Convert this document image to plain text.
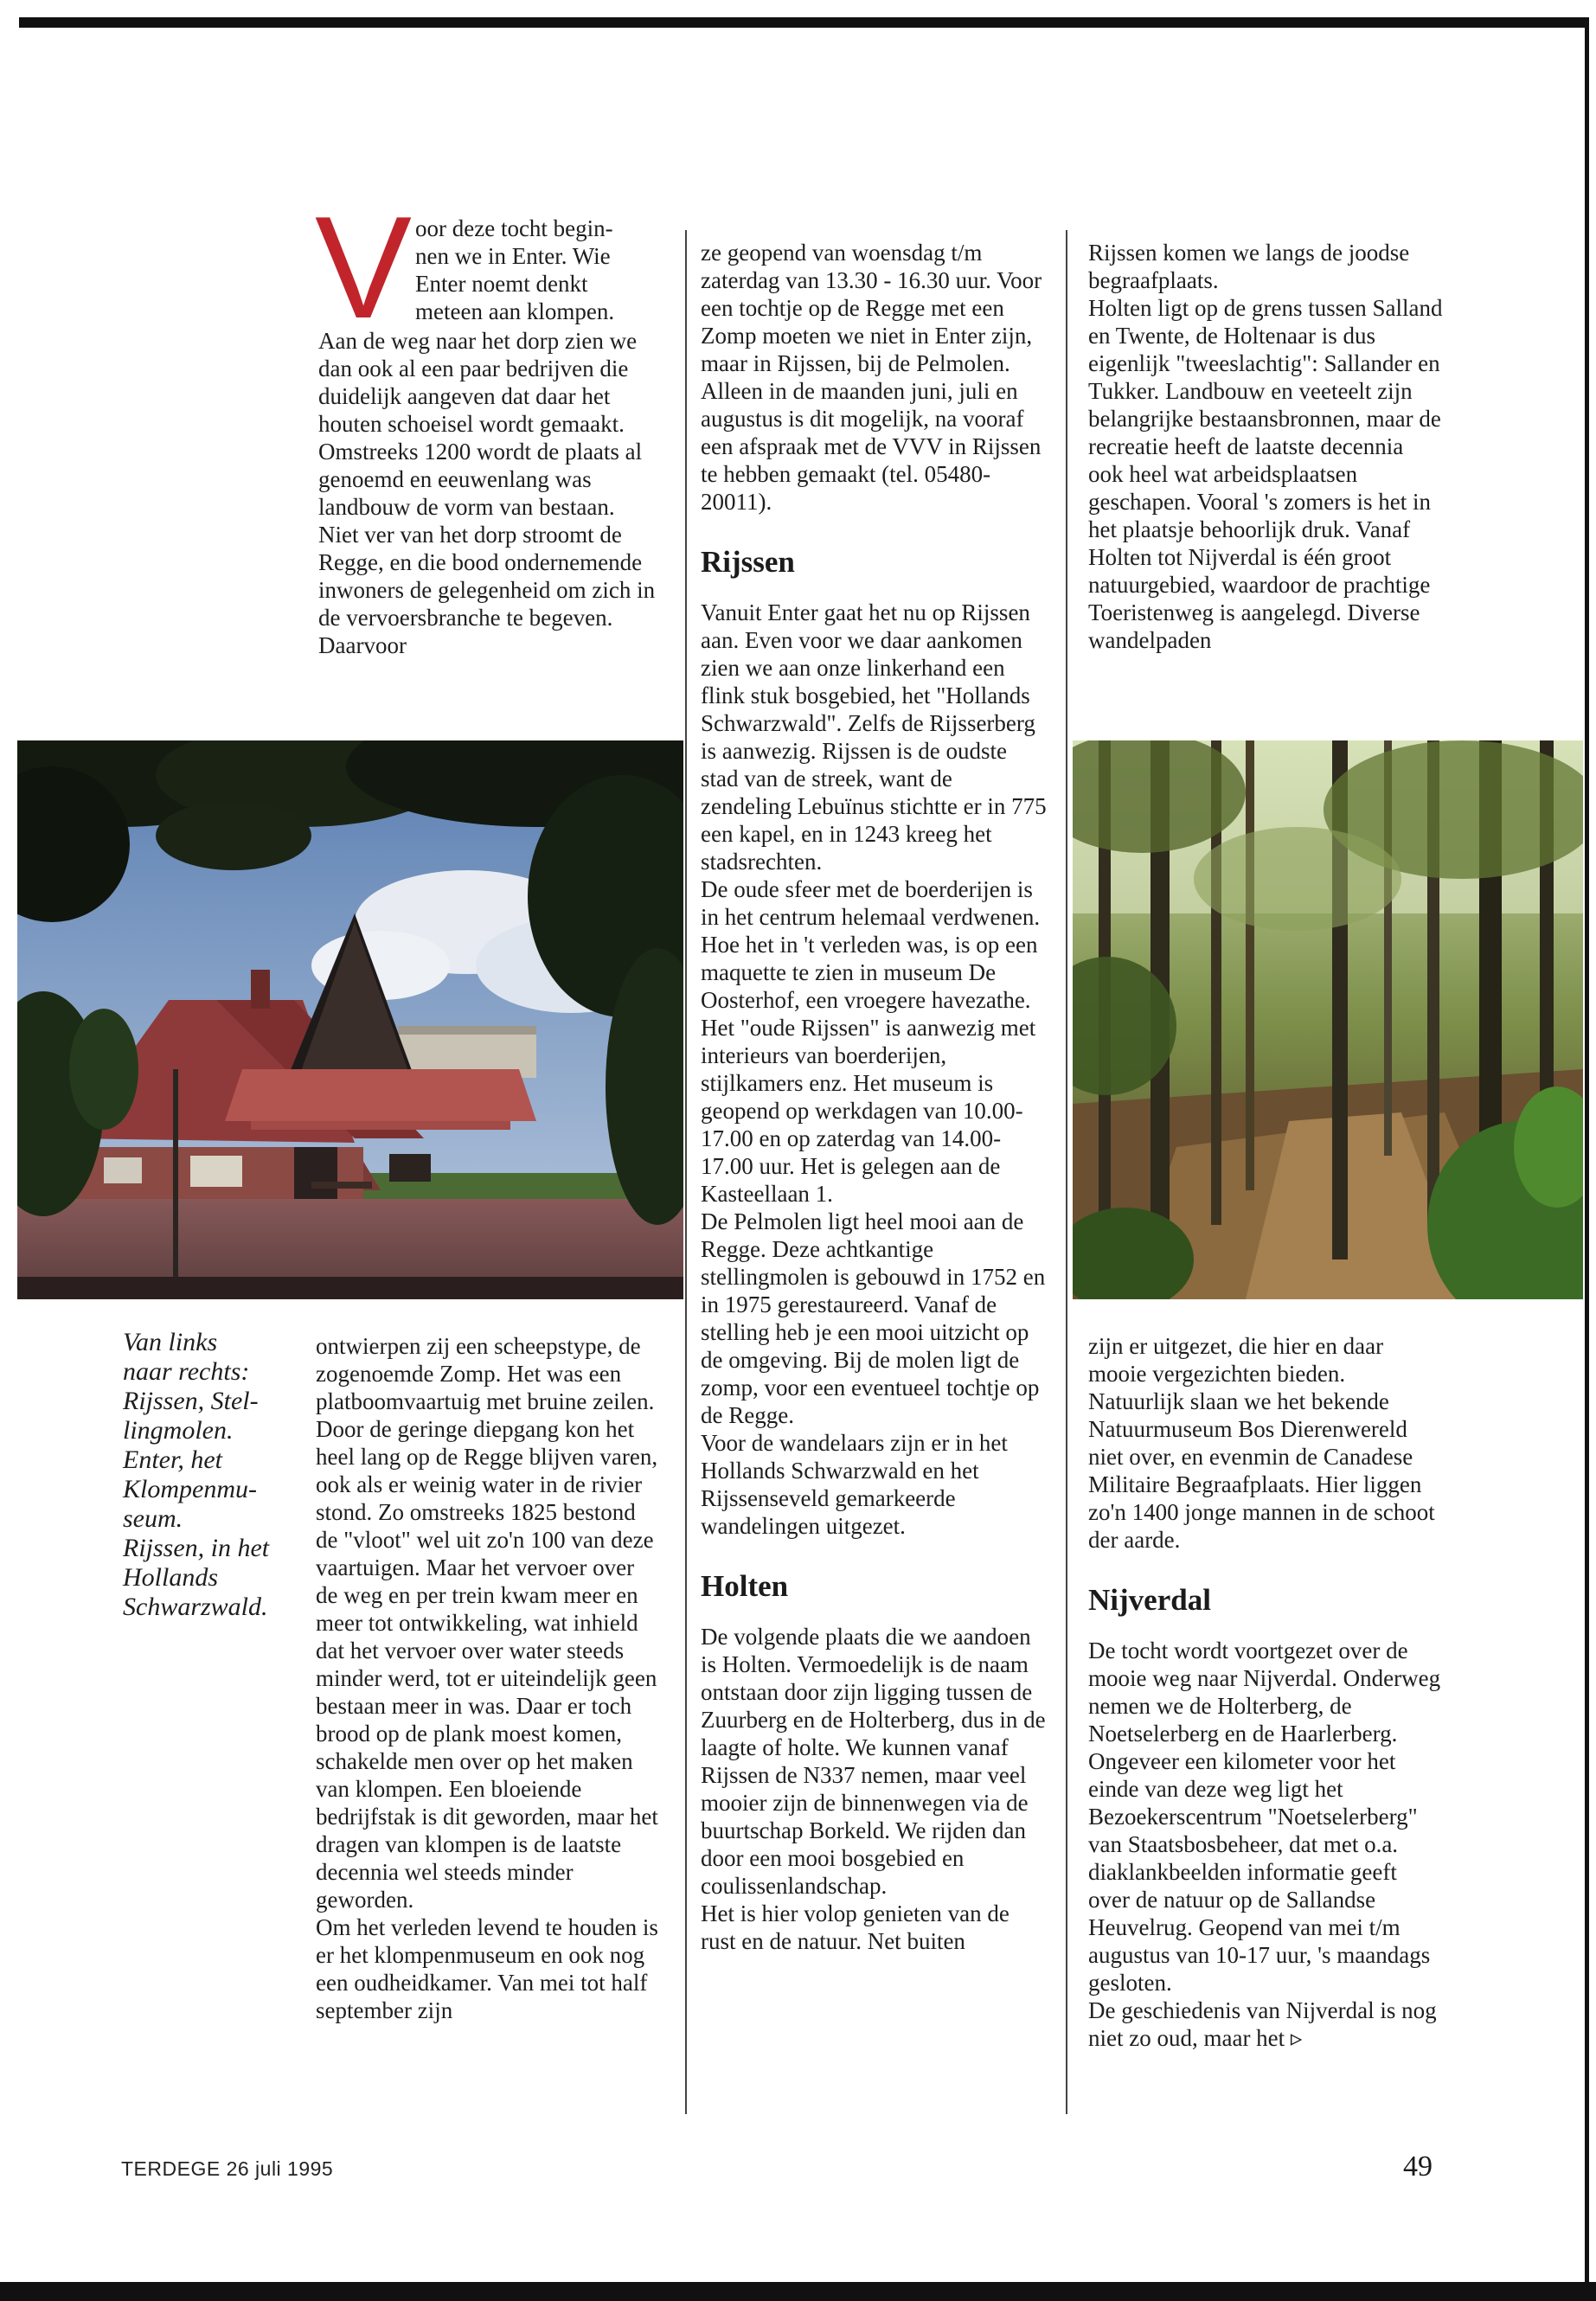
V oor deze tocht begin-
nen we in Enter. Wie
Enter noemt denkt
meteen aan klompen.

Aan de weg naar het dorp zien we dan ook al een paar bedrijven die duidelijk aangeven dat daar het houten schoeisel wordt gemaakt. Omstreeks 1200 wordt de plaats al genoemd en eeuwenlang was landbouw de vorm van bestaan.

Niet ver van het dorp stroomt de Regge, en die bood ondernemende inwoners de gelegenheid om zich in de vervoersbranche te begeven. Daarvoor

Van links
naar rechts:
Rijssen, Stel-
lingmolen.
Enter, het
Klompenmu-
seum.
Rijssen, in het
Hollands
Schwarzwald.

ontwierpen zij een scheepstype, de zogenoemde Zomp. Het was een platboomvaartuig met bruine zeilen. Door de geringe diepgang kon het heel lang op de Regge blijven varen, ook als er weinig water in de rivier stond. Zo omstreeks 1825 bestond de "vloot" wel uit zo'n 100 van deze vaartuigen. Maar het vervoer over de weg en per trein kwam meer en meer tot ontwikkeling, wat inhield dat het vervoer over water steeds minder werd, tot er uiteindelijk geen bestaan meer in was. Daar er toch brood op de plank moest komen, schakelde men over op het maken van klompen. Een bloeiende bedrijfstak is dit geworden, maar het dragen van klompen is de laatste decennia wel steeds minder geworden.

Om het verleden levend te houden is er het klompenmuseum en ook nog een oudheidkamer. Van mei tot half september zijn

ze geopend van woensdag t/m zaterdag van 13.30 - 16.30 uur. Voor een tochtje op de Regge met een Zomp moeten we niet in Enter zijn, maar in Rijssen, bij de Pelmolen. Alleen in de maanden juni, juli en augustus is dit mogelijk, na vooraf een afspraak met de VVV in Rijssen te hebben gemaakt (tel. 05480-20011).

Rijssen

Vanuit Enter gaat het nu op Rijssen aan. Even voor we daar aankomen zien we aan onze linkerhand een flink stuk bosgebied, het "Hollands Schwarzwald". Zelfs de Rijsserberg is aanwezig. Rijssen is de oudste stad van de streek, want de zendeling Lebuïnus stichtte er in 775 een kapel, en in 1243 kreeg het stadsrechten.

De oude sfeer met de boerderijen is in het centrum helemaal verdwenen. Hoe het in 't verleden was, is op een maquette te zien in museum De Oosterhof, een vroegere havezathe.

Het "oude Rijssen" is aanwezig met interieurs van boerderijen, stijlkamers enz. Het museum is geopend op werkdagen van 10.00-17.00 en op zaterdag van 14.00-17.00 uur. Het is gelegen aan de Kasteellaan 1.

De Pelmolen ligt heel mooi aan de Regge. Deze achtkantige stellingmolen is gebouwd in 1752 en in 1975 gerestaureerd. Vanaf de stelling heb je een mooi uitzicht op de omgeving. Bij de molen ligt de zomp, voor een eventueel tochtje op de Regge.

Voor de wandelaars zijn er in het Hollands Schwarzwald en het Rijssenseveld gemarkeerde wandelingen uitgezet.

Holten

De volgende plaats die we aandoen is Holten. Vermoedelijk is de naam ontstaan door zijn ligging tussen de Zuurberg en de Holterberg, dus in de laagte of holte. We kunnen vanaf Rijssen de N337 nemen, maar veel mooier zijn de binnenwegen via de buurtschap Borkeld. We rijden dan door een mooi bosgebied en coulissenlandschap.

Het is hier volop genieten van de rust en de natuur. Net buiten

Rijssen komen we langs de joodse begraafplaats.

Holten ligt op de grens tussen Salland en Twente, de Holtenaar is dus eigenlijk "tweeslachtig": Sallander en Tukker. Landbouw en veeteelt zijn belangrijke bestaansbronnen, maar de recreatie heeft de laatste decennia ook heel wat arbeidsplaatsen geschapen. Vooral 's zomers is het in het plaatsje behoorlijk druk. Vanaf Holten tot Nijverdal is één groot natuurgebied, waardoor de prachtige Toeristenweg is aangelegd. Diverse wandelpaden

zijn er uitgezet, die hier en daar mooie vergezichten bieden. Natuurlijk slaan we het bekende Natuurmuseum Bos Dierenwereld niet over, en evenmin de Canadese Militaire Begraafplaats. Hier liggen zo'n 1400 jonge mannen in de schoot der aarde.

Nijverdal

De tocht wordt voortgezet over de mooie weg naar Nijverdal. Onderweg nemen we de Holterberg, de Noetselerberg en de Haarlerberg. Ongeveer een kilometer voor het einde van deze weg ligt het Bezoekerscentrum "Noetselerberg" van Staatsbosbeheer, dat met o.a. diaklankbeelden informatie geeft over de natuur op de Sallandse Heuvelrug. Geopend van mei t/m augustus van 10-17 uur, 's maandags gesloten.

De geschiedenis van Nijverdal is nog niet zo oud, maar het ▹

TERDEGE 26 juli 1995	49
